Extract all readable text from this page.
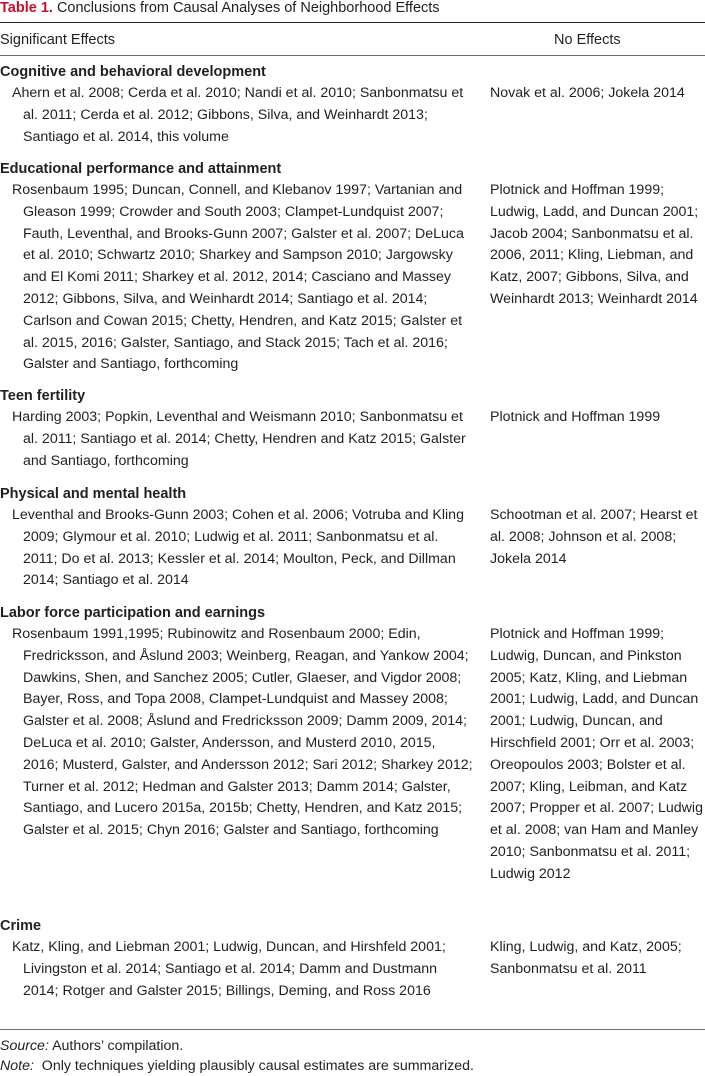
Table 1. Conclusions from Causal Analyses of Neighborhood Effects
Significant Effects	No Effects
Cognitive and behavioral development
Ahern et al. 2008; Cerda et al. 2010; Nandi et al. 2010; Sanbonmatsu et al. 2011; Cerda et al. 2012; Gibbons, Silva, and Weinhardt 2013; Santiago et al. 2014, this volume
Novak et al. 2006; Jokela 2014
Educational performance and attainment
Rosenbaum 1995; Duncan, Connell, and Klebanov 1997; Vartanian and Gleason 1999; Crowder and South 2003; Clampet-Lundquist 2007; Fauth, Leventhal, and Brooks-Gunn 2007; Galster et al. 2007; DeLuca et al. 2010; Schwartz 2010; Sharkey and Sampson 2010; Jargowsky and El Komi 2011; Sharkey et al. 2012, 2014; Casciano and Massey 2012; Gibbons, Silva, and Weinhardt 2014; Santiago et al. 2014; Carlson and Cowan 2015; Chetty, Hendren, and Katz 2015; Galster et al. 2015, 2016; Galster, Santiago, and Stack 2015; Tach et al. 2016; Galster and Santiago, forthcoming
Plotnick and Hoffman 1999; Ludwig, Ladd, and Duncan 2001; Jacob 2004; Sanbonmatsu et al. 2006, 2011; Kling, Liebman, and Katz, 2007; Gibbons, Silva, and Weinhardt 2013; Weinhardt 2014
Teen fertility
Harding 2003; Popkin, Leventhal and Weismann 2010; Sanbonmatsu et al. 2011; Santiago et al. 2014; Chetty, Hendren and Katz 2015; Galster and Santiago, forthcoming
Plotnick and Hoffman 1999
Physical and mental health
Leventhal and Brooks-Gunn 2003; Cohen et al. 2006; Votruba and Kling 2009; Glymour et al. 2010; Ludwig et al. 2011; Sanbonmatsu et al. 2011; Do et al. 2013; Kessler et al. 2014; Moulton, Peck, and Dillman 2014; Santiago et al. 2014
Schootman et al. 2007; Hearst et al. 2008; Johnson et al. 2008; Jokela 2014
Labor force participation and earnings
Rosenbaum 1991,1995; Rubinowitz and Rosenbaum 2000; Edin, Fredricksson, and Åslund 2003; Weinberg, Reagan, and Yankow 2004; Dawkins, Shen, and Sanchez 2005; Cutler, Glaeser, and Vigdor 2008; Bayer, Ross, and Topa 2008, Clampet-Lundquist and Massey 2008; Galster et al. 2008; Åslund and Fredricksson 2009; Damm 2009, 2014; DeLuca et al. 2010; Galster, Andersson, and Musterd 2010, 2015, 2016; Musterd, Galster, and Andersson 2012; Sari 2012; Sharkey 2012; Turner et al. 2012; Hedman and Galster 2013; Damm 2014; Galster, Santiago, and Lucero 2015a, 2015b; Chetty, Hendren, and Katz 2015; Galster et al. 2015; Chyn 2016; Galster and Santiago, forthcoming
Plotnick and Hoffman 1999; Ludwig, Duncan, and Pinkston 2005; Katz, Kling, and Liebman 2001; Ludwig, Ladd, and Duncan 2001; Ludwig, Duncan, and Hirschfield 2001; Orr et al. 2003; Oreopoulos 2003; Bolster et al. 2007; Kling, Leibman, and Katz 2007; Propper et al. 2007; Ludwig et al. 2008; van Ham and Manley 2010; Sanbonmatsu et al. 2011; Ludwig 2012
Crime
Katz, Kling, and Liebman 2001; Ludwig, Duncan, and Hirshfeld 2001; Livingston et al. 2014; Santiago et al. 2014; Damm and Dustmann 2014; Rotger and Galster 2015; Billings, Deming, and Ross 2016
Kling, Ludwig, and Katz, 2005; Sanbonmatsu et al. 2011
Source: Authors’ compilation.
Note:  Only techniques yielding plausibly causal estimates are summarized.
